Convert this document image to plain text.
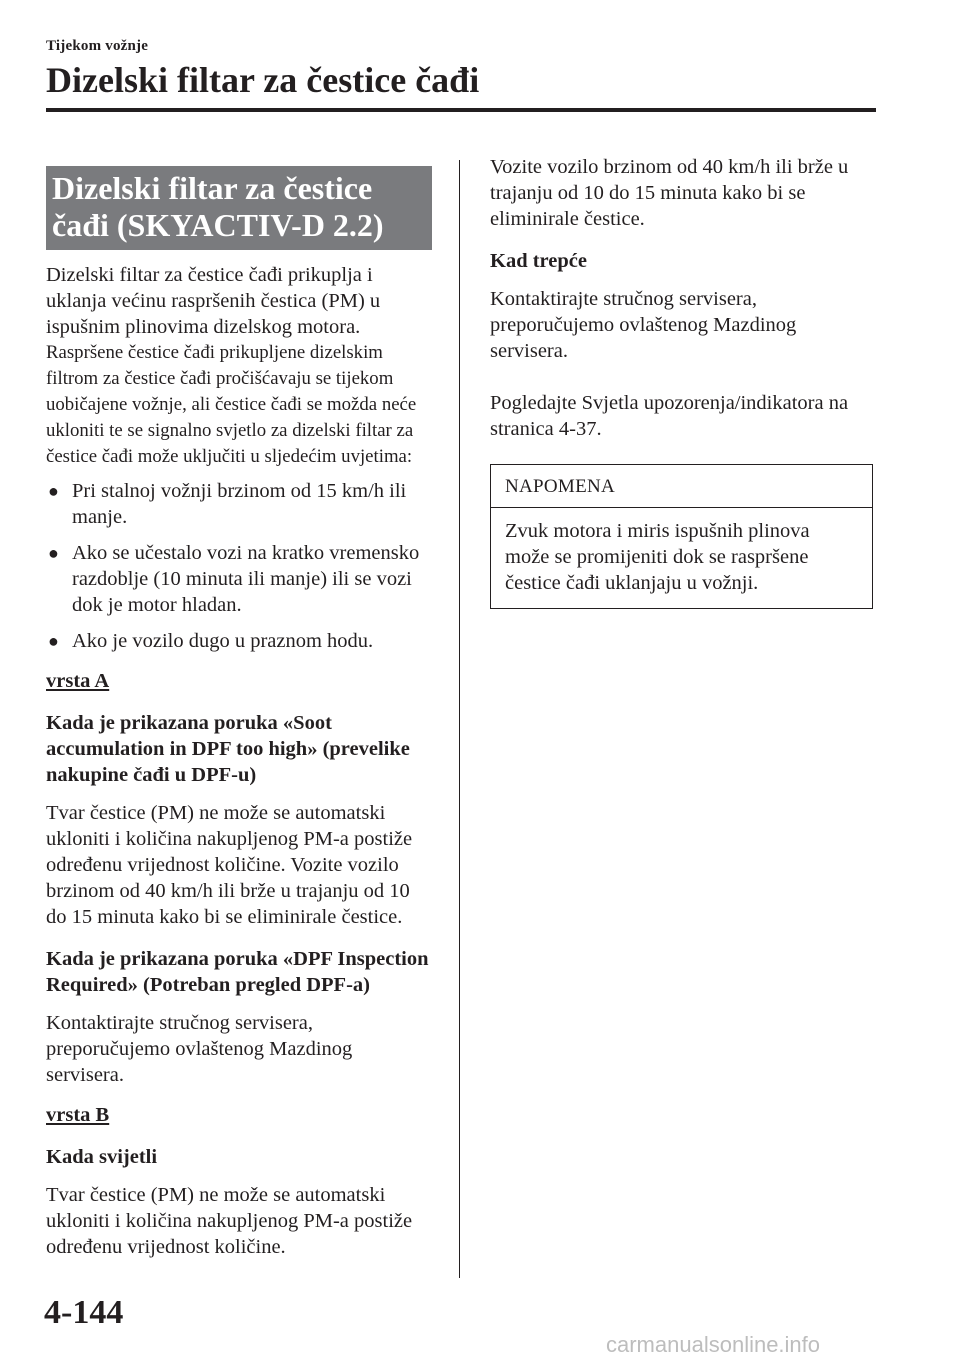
Tijekom vožnje
Dizelski filtar za čestice čađi
Dizelski filtar za čestice
čađi (SKYACTIV-D 2.2)

Dizelski filtar za čestice čađi prikuplja i uklanja većinu raspršenih čestica (PM) u ispušnim plinovima dizelskog motora.

Raspršene čestice čađi prikupljene dizelskim filtrom za čestice čađi pročišćavaju se tijekom uobičajene vožnje, ali čestice čađi se možda neće ukloniti te se signalno svjetlo za dizelski filtar za čestice čađi može uključiti u sljedećim uvjetima:

● Pri stalnoj vožnji brzinom od 15 km/h ili manje.
● Ako se učestalo vozi na kratko vremensko razdoblje (10 minuta ili manje) ili se vozi dok je motor hladan.
● Ako je vozilo dugo u praznom hodu.
vrsta A
Kada je prikazana poruka «Soot accumulation in DPF too high» (prevelike nakupine čađi u DPF-u)

Tvar čestice (PM) ne može se automatski ukloniti i količina nakupljenog PM-a postiže određenu vrijednost količine. Vozite vozilo brzinom od 40 km/h ili brže u trajanju od 10 do 15 minuta kako bi se eliminirale čestice.

Kada je prikazana poruka «DPF Inspection Required» (Potreban pregled DPF-a)

Kontaktirajte stručnog servisera, preporučujemo ovlaštenog Mazdinog servisera.

vrsta B
Kada svijetli

Tvar čestice (PM) ne može se automatski ukloniti i količina nakupljenog PM-a postiže određenu vrijednost količine.

Vozite vozilo brzinom od 40 km/h ili brže u trajanju od 10 do 15 minuta kako bi se eliminirale čestice.

Kad trepće

Kontaktirajte stručnog servisera, preporučujemo ovlaštenog Mazdinog servisera.

Pogledajte Svjetla upozorenja/indikatora na stranica 4-37.

NAPOMENA
Zvuk motora i miris ispušnih plinova može se promijeniti dok se raspršene čestice čađi uklanjaju u vožnji.
4-144
carmanualsonline.info
